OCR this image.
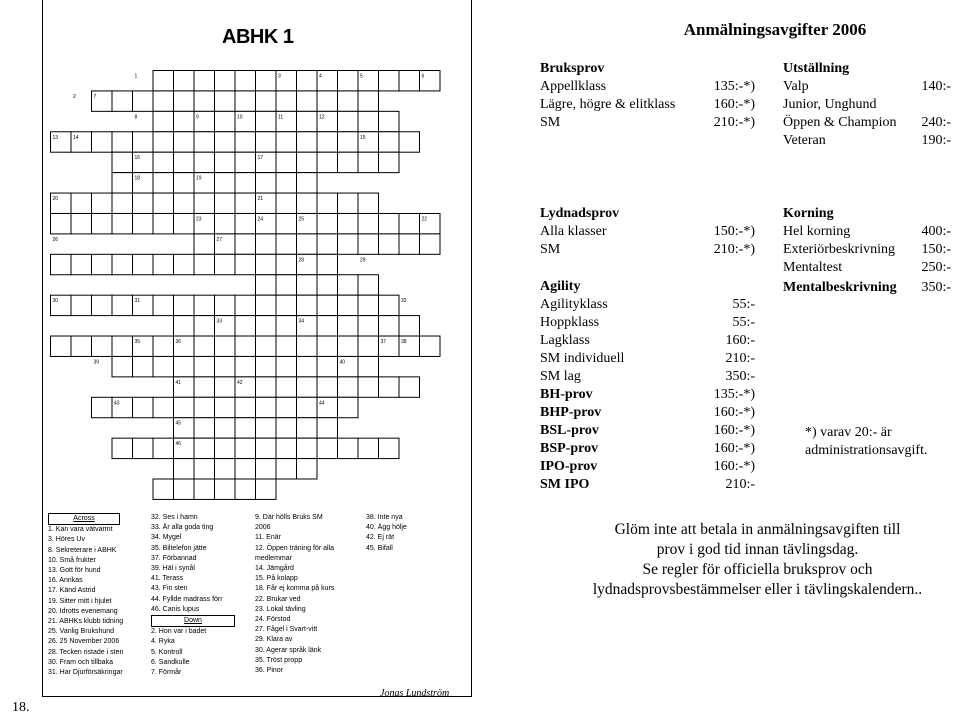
ABHK 1
1
2
3	4	5	6
7
8	9	10	11	12
13	14	15
16	17
18	19
20	21
22
23	24	25
26	27
28	29
30	31	32
33	34
35	36	37	38
39	40
41	42
43	44
45
46
Across
1. Kan vara vätvarmt
3. Höres Uv
8. Sekreterare i ABHK
10. Små frukter
13. Gott för hund
16. Anrikas
17. Känd Astrid
19. Sitter mitt i hjulet
20. Idrotts evenemang
21. ABHKs klubb tidning
25. Vanlig Brukshund
26. 25 November 2006
28. Tecken ristade i sten
30. Fram och tillbaka
31. Har Djurförsäkringar
32. Ses i hamn
33. Är alla goda ting
34. Mygel
35. Biltelefon jätte
37. Förbannad
39. Häl i synål
41. Terass
43. Fin sten
44. Fyllde madrass förr
46. Canis lupus
Down
2. Hon var i badet
4. Ryka
5. Kontroll
6. Sandkulle
7. Förmår
9. Där hölls Bruks SM
2006
11. Enär
12. Öppen träning för alla
medlemmar
14. Jämgård
15. På kolapp
18. Får ej komma på kurs
22. Brukar ved
23. Lokal tävling
24. Förstod
27. Fågel i Svart-vitt
29. Klara av
30. Agerar språk länk
35. Tröst propp
36. Pinor
38. Inte nya
40. Ägg hölje
42. Ej rät
45. Bifall
Jonas Lundström
18.
Anmälningsavgifter 2006
Bruksprov
Appellklass	135:-*)
Lägre, högre & elitklass	160:-*)
SM	210:-*)
Utställning
Valp	140:-
Junior, Unghund
Öppen & Champion 240:-
Veteran	190:-
Lydnadsprov
Alla klasser	150:-*)
SM	210:-*)
Korning
Hel korning	400:-
Exteriörbeskrivning 150:-
Mentaltest	250:-
Mentalbeskrivning 350:-
Agility
Agilityklass	55:-
Hoppklass	55:-
Lagklass	160:-
SM individuell	210:-
SM lag	350:-
BH-prov	135:-*)
BHP-prov	160:-*)
BSL-prov	160:-*)
BSP-prov	160:-*)
IPO-prov	160:-*)
SM IPO	210:-
*) varav 20:- är
administrationsavgift.
Glöm inte att betala in anmälningsavgiften till
prov i god tid innan tävlingsdag.
Se regler för officiella bruksprov och
lydnadsprovsbestämmelser eller i tävlingskalendern..
